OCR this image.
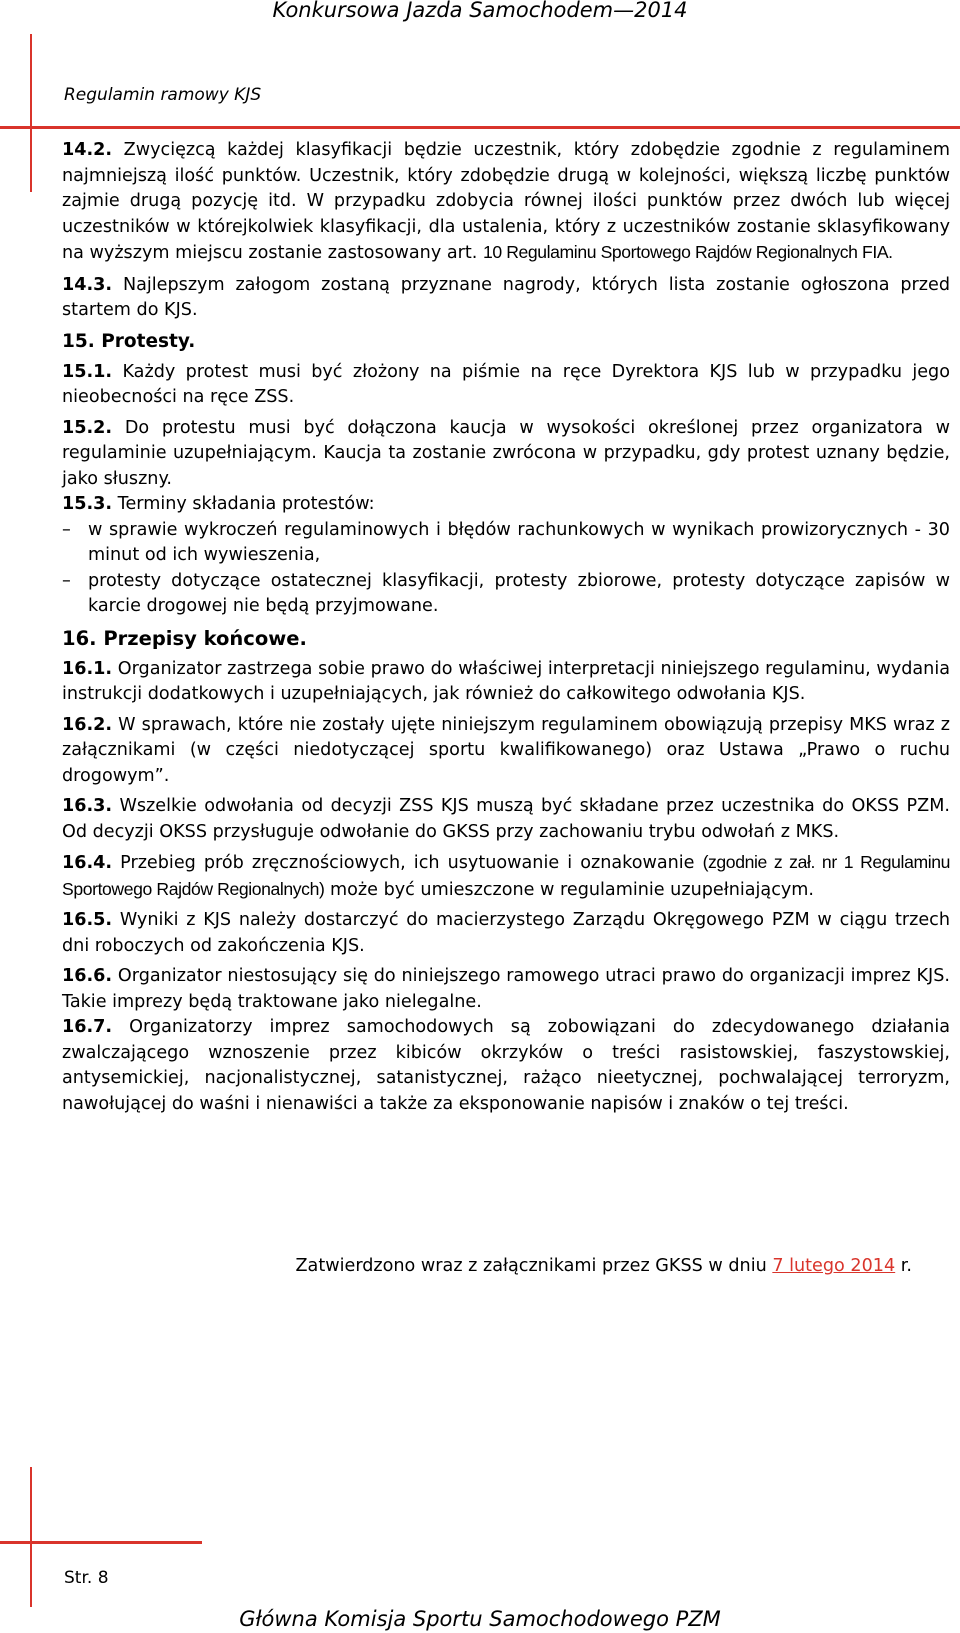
Konkursowa Jazda Samochodem—2014
Regulamin ramowy KJS

14.2. Zwycięzcą każdej klasyfikacji będzie uczestnik, który zdobędzie zgodnie z regulaminem najmniejszą ilość punktów. Uczestnik, który zdobędzie drugą w kolejności, większą liczbę punktów zajmie drugą pozycję itd. W przypadku zdobycia równej ilości punktów przez dwóch lub więcej uczestników w którejkolwiek klasyfikacji, dla ustalenia, który z uczestników zostanie sklasyfikowany na wyższym miejscu zostanie zastosowany art. 10 Regulaminu Sportowego Rajdów Regionalnych FIA.

14.3. Najlepszym załogom zostaną przyznane nagrody, których lista zostanie ogłoszona przed startem do KJS.

15. Protesty.

15.1. Każdy protest musi być złożony na piśmie na ręce Dyrektora KJS lub w przypadku jego nieobecności na ręce ZSS.

15.2. Do protestu musi być dołączona kaucja w wysokości określonej przez organizatora w regulaminie uzupełniającym. Kaucja ta zostanie zwrócona w przypadku, gdy protest uznany będzie, jako słuszny.

15.3. Terminy składania protestów:

– w sprawie wykroczeń regulaminowych i błędów rachunkowych w wynikach prowizorycznych - 30 minut od ich wywieszenia,
– protesty dotyczące ostatecznej klasyfikacji, protesty zbiorowe, protesty dotyczące zapisów w karcie drogowej nie będą przyjmowane.
16. Przepisy końcowe.

16.1. Organizator zastrzega sobie prawo do właściwej interpretacji niniejszego regulaminu, wydania instrukcji dodatkowych i uzupełniających, jak również do całkowitego odwołania KJS.

16.2. W sprawach, które nie zostały ujęte niniejszym regulaminem obowiązują przepisy MKS wraz z załącznikami (w części niedotyczącej sportu kwalifikowanego) oraz Ustawa „Prawo o ruchu drogowym”.

16.3. Wszelkie odwołania od decyzji ZSS KJS muszą być składane przez uczestnika do OKSS PZM. Od decyzji OKSS przysługuje odwołanie do GKSS przy zachowaniu trybu odwołań z MKS.

16.4. Przebieg prób zręcznościowych, ich usytuowanie i oznakowanie (zgodnie z zał. nr 1 Regulaminu Sportowego Rajdów Regionalnych) może być umieszczone w regulaminie uzupełniającym.

16.5. Wyniki z KJS należy dostarczyć do macierzystego Zarządu Okręgowego PZM w ciągu trzech dni roboczych od zakończenia KJS.

16.6. Organizator niestosujący się do niniejszego ramowego utraci prawo do organizacji imprez KJS. Takie imprezy będą traktowane jako nielegalne.

16.7. Organizatorzy imprez samochodowych są zobowiązani do zdecydowanego działania zwalczającego wznoszenie przez kibiców okrzyków o treści rasistowskiej, faszystowskiej, antysemickiej, nacjonalistycznej, satanistycznej, rażąco nieetycznej, pochwalającej terroryzm, nawołującej do waśni i nienawiści a także za eksponowanie napisów i znaków o tej treści.

Zatwierdzono wraz z załącznikami przez GKSS w dniu 7 lutego 2014 r.
Str. 8
Główna Komisja Sportu Samochodowego PZM
